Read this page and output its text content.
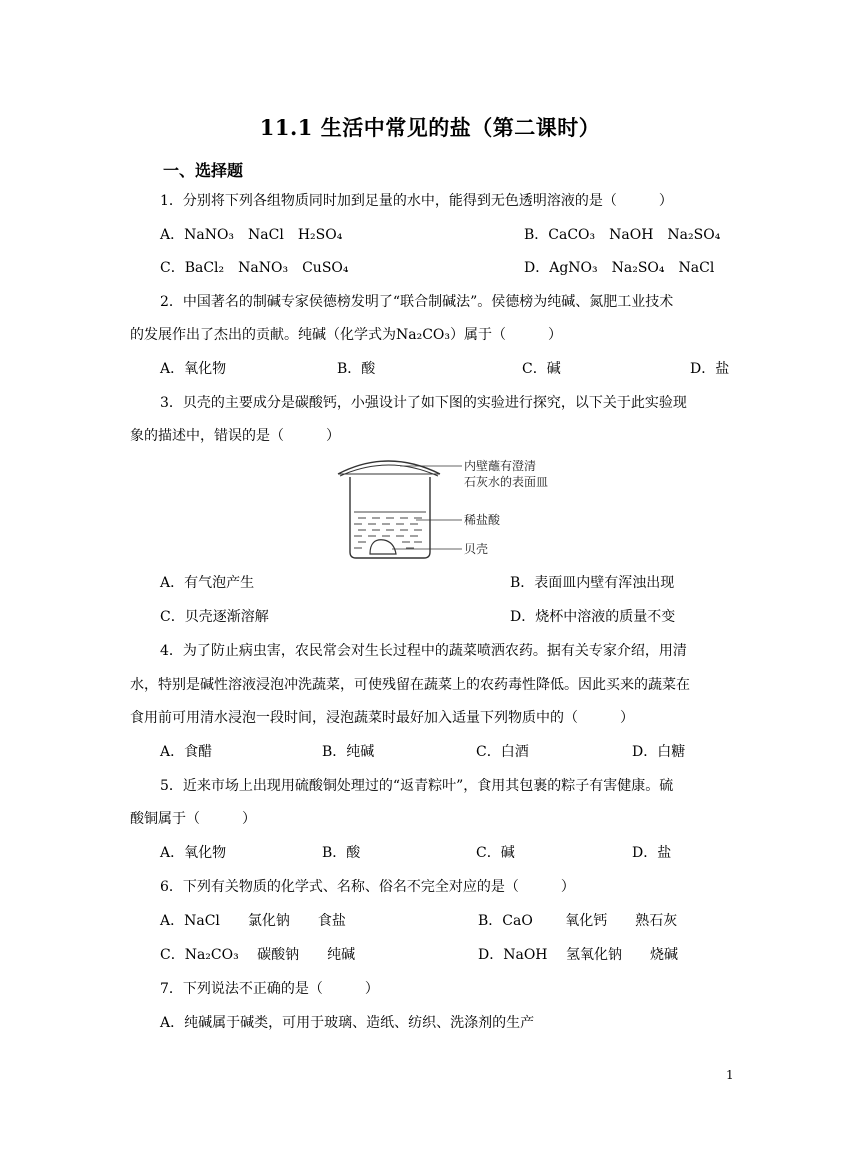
11.1 生活中常见的盐（第二课时）
一、选择题
1．分别将下列各组物质同时加到足量的水中，能得到无色透明溶液的是（　　　）
A．NaNO₃　NaCl　H₂SO₄	B．CaCO₃　NaOH　Na₂SO₄
C．BaCl₂　NaNO₃　CuSO₄	D．AgNO₃　Na₂SO₄　NaCl
2．中国著名的制碱专家侯德榜发明了“联合制碱法”。侯德榜为纯碱、氮肥工业技术
的发展作出了杰出的贡献。纯碱（化学式为Na₂CO₃）属于（　　　）
A．氧化物	B．酸	C．碱	D．盐
3．贝壳的主要成分是碳酸钙，小强设计了如下图的实验进行探究，以下关于此实验现
象的描述中，错误的是（　　　）
内壁蘸有澄清
石灰水的表面皿
稀盐酸
贝壳
A．有气泡产生	B．表面皿内壁有浑浊出现
C．贝壳逐渐溶解	D．烧杯中溶液的质量不变
4．为了防止病虫害，农民常会对生长过程中的蔬菜喷洒农药。据有关专家介绍，用清
水，特别是碱性溶液浸泡冲洗蔬菜，可使残留在蔬菜上的农药毒性降低。因此买来的蔬菜在
食用前可用清水浸泡一段时间，浸泡蔬菜时最好加入适量下列物质中的（　　　）
A．食醋	B．纯碱	C．白酒	D．白糖
5．近来市场上出现用硫酸铜处理过的“返青粽叶”，食用其包裹的粽子有害健康。硫
酸铜属于（　　　）
A．氧化物	B．酸	C．碱	D．盐
6．下列有关物质的化学式、名称、俗名不完全对应的是（　　　）
A．NaCl　　氯化钠　　食盐	B．CaO　　 氧化钙　　熟石灰
C．Na₂CO₃　 碳酸钠　　纯碱	D．NaOH　 氢氧化钠　　烧碱
7．下列说法不正确的是（　　　）
A．纯碱属于碱类，可用于玻璃、造纸、纺织、洗涤剂的生产
1
